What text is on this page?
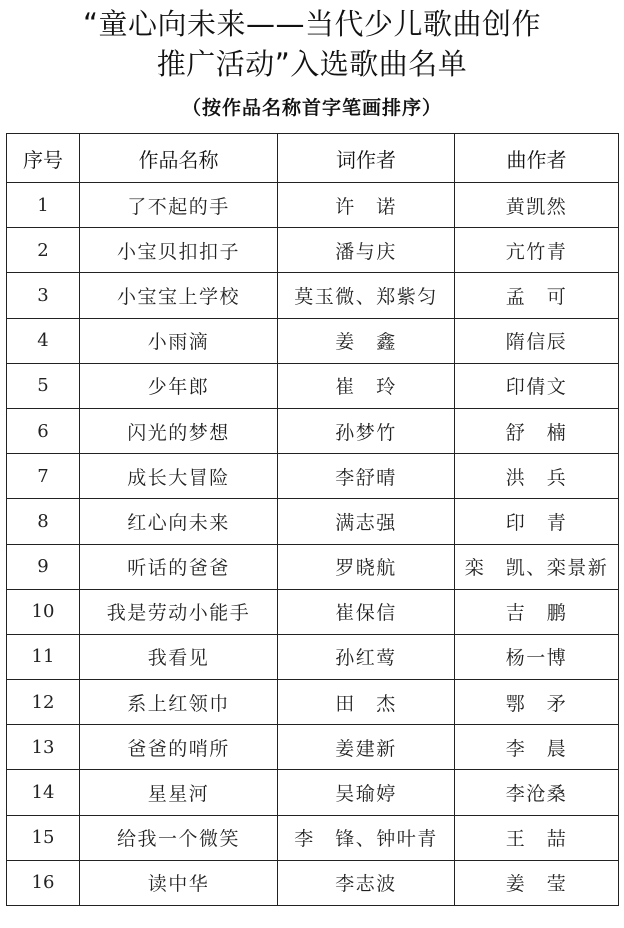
“童心向未来——当代少儿歌曲创作
推广活动”入选歌曲名单
（按作品名称首字笔画排序）
序号	作品名称	词作者	曲作者
1	了不起的手	许　诺	黄凯然
2	小宝贝扣扣子	潘与庆	亢竹青
3	小宝宝上学校	莫玉微、郑紫匀	孟　可
4	小雨滴	姜　鑫	隋信辰
5	少年郎	崔　玲	印倩文
6	闪光的梦想	孙梦竹	舒　楠
7	成长大冒险	李舒晴	洪　兵
8	红心向未来	满志强	印　青
9	听话的爸爸	罗晓航	栾　凯、栾景新
10	我是劳动小能手	崔保信	吉　鹏
11	我看见	孙红莺	杨一博
12	系上红领巾	田　杰	鄂　矛
13	爸爸的哨所	姜建新	李　晨
14	星星河	吴瑜婷	李沧桑
15	给我一个微笑	李　锋、钟叶青	王　喆
16	读中华	李志波	姜　莹
